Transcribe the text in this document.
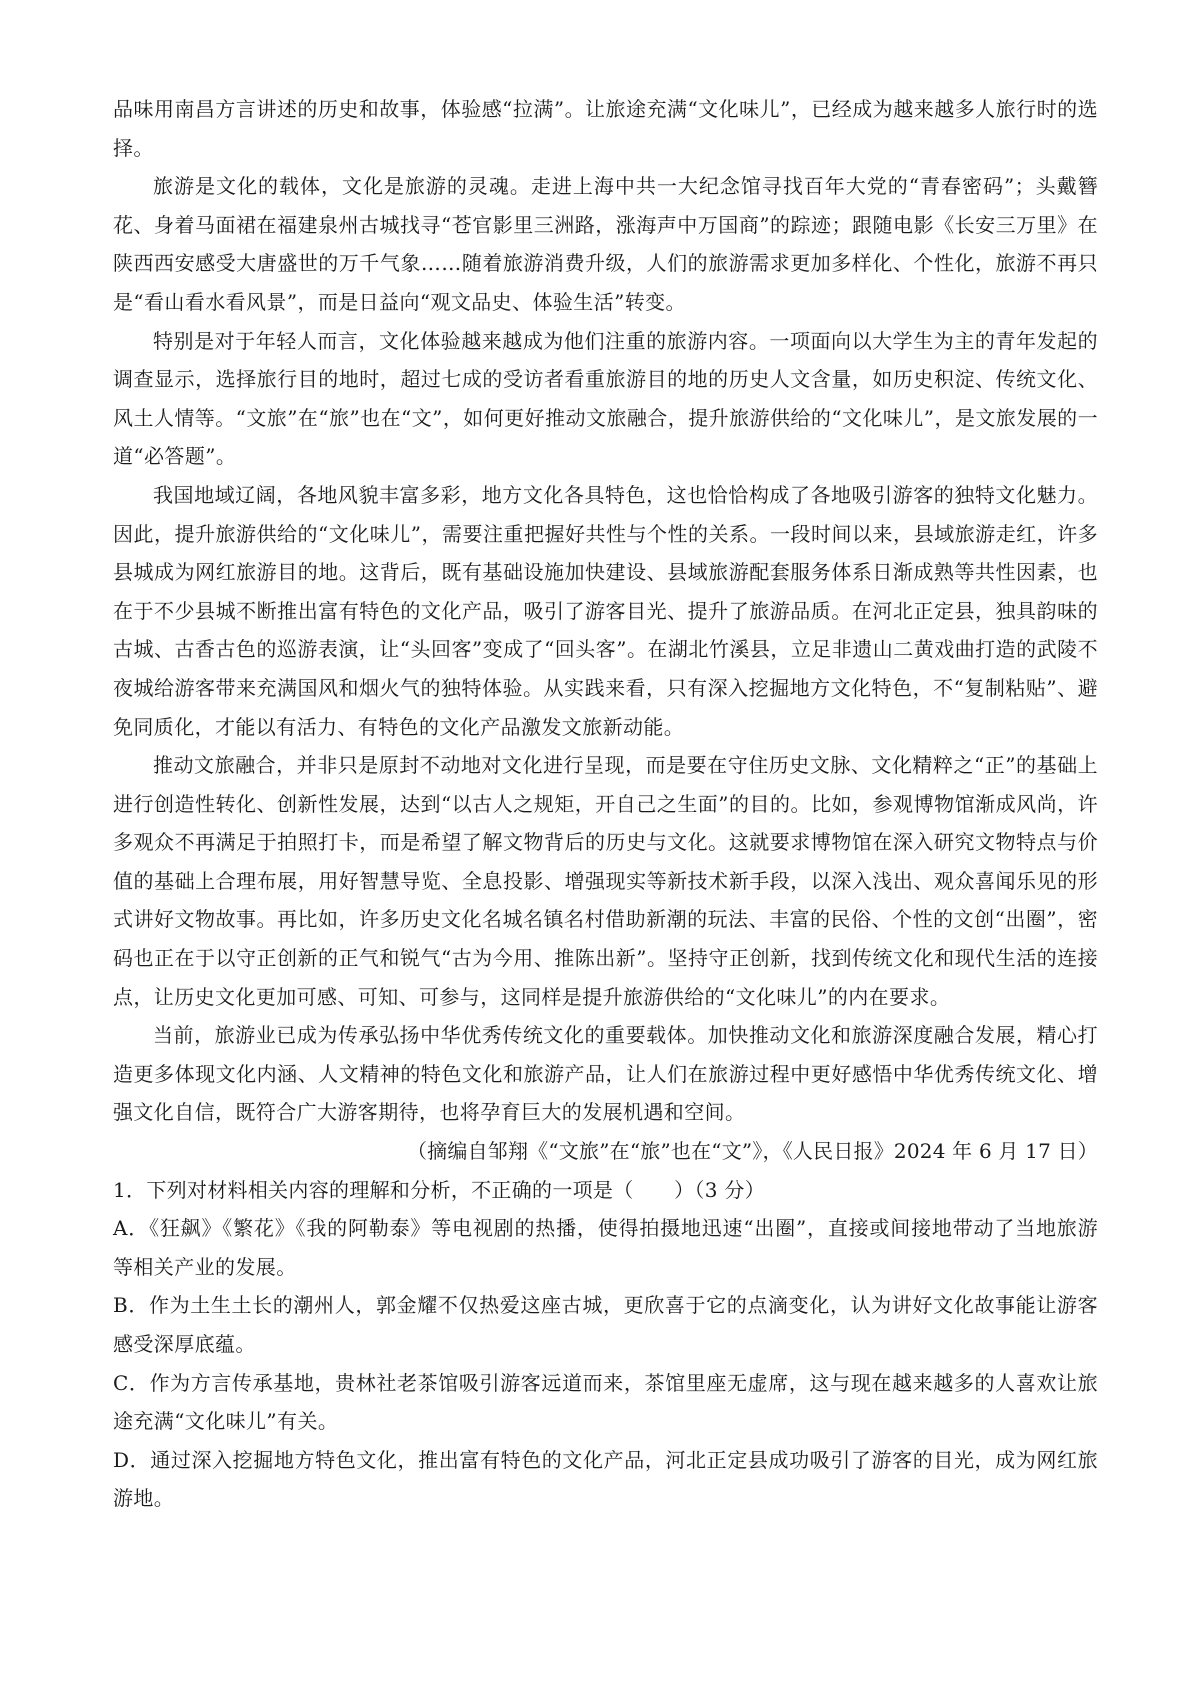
品味用南昌方言讲述的历史和故事，体验感“拉满”。让旅途充满“文化味儿”，已经成为越来越多人旅行时的选择。

旅游是文化的载体，文化是旅游的灵魂。走进上海中共一大纪念馆寻找百年大党的“青春密码”；头戴簪花、身着马面裙在福建泉州古城找寻“苍官影里三洲路，涨海声中万国商”的踪迹；跟随电影《长安三万里》在陕西西安感受大唐盛世的万千气象……随着旅游消费升级，人们的旅游需求更加多样化、个性化，旅游不再只是“看山看水看风景”，而是日益向“观文品史、体验生活”转变。

特别是对于年轻人而言，文化体验越来越成为他们注重的旅游内容。一项面向以大学生为主的青年发起的调查显示，选择旅行目的地时，超过七成的受访者看重旅游目的地的历史人文含量，如历史积淀、传统文化、风土人情等。“文旅”在“旅”也在“文”，如何更好推动文旅融合，提升旅游供给的“文化味儿”，是文旅发展的一道“必答题”。

我国地域辽阔，各地风貌丰富多彩，地方文化各具特色，这也恰恰构成了各地吸引游客的独特文化魅力。因此，提升旅游供给的“文化味儿”，需要注重把握好共性与个性的关系。一段时间以来，县域旅游走红，许多县城成为网红旅游目的地。这背后，既有基础设施加快建设、县域旅游配套服务体系日渐成熟等共性因素，也在于不少县城不断推出富有特色的文化产品，吸引了游客目光、提升了旅游品质。在河北正定县，独具韵味的古城、古香古色的巡游表演，让“头回客”变成了“回头客”。在湖北竹溪县，立足非遗山二黄戏曲打造的武陵不夜城给游客带来充满国风和烟火气的独特体验。从实践来看，只有深入挖掘地方文化特色，不“复制粘贴”、避免同质化，才能以有活力、有特色的文化产品激发文旅新动能。

推动文旅融合，并非只是原封不动地对文化进行呈现，而是要在守住历史文脉、文化精粹之“正”的基础上进行创造性转化、创新性发展，达到“以古人之规矩，开自己之生面”的目的。比如，参观博物馆渐成风尚，许多观众不再满足于拍照打卡，而是希望了解文物背后的历史与文化。这就要求博物馆在深入研究文物特点与价值的基础上合理布展，用好智慧导览、全息投影、增强现实等新技术新手段，以深入浅出、观众喜闻乐见的形式讲好文物故事。再比如，许多历史文化名城名镇名村借助新潮的玩法、丰富的民俗、个性的文创“出圈”，密码也正在于以守正创新的正气和锐气“古为今用、推陈出新”。坚持守正创新，找到传统文化和现代生活的连接点，让历史文化更加可感、可知、可参与，这同样是提升旅游供给的“文化味儿”的内在要求。

当前，旅游业已成为传承弘扬中华优秀传统文化的重要载体。加快推动文化和旅游深度融合发展，精心打造更多体现文化内涵、人文精神的特色文化和旅游产品，让人们在旅游过程中更好感悟中华优秀传统文化、增强文化自信，既符合广大游客期待，也将孕育巨大的发展机遇和空间。

（摘编自邹翔《“文旅”在“旅”也在“文”》，《人民日报》2024 年 6 月 17 日）

1．下列对材料相关内容的理解和分析，不正确的一项是（　　）（3 分）

A．《狂飙》《繁花》《我的阿勒泰》等电视剧的热播，使得拍摄地迅速“出圈”，直接或间接地带动了当地旅游等相关产业的发展。

B．作为土生土长的潮州人，郭金耀不仅热爱这座古城，更欣喜于它的点滴变化，认为讲好文化故事能让游客感受深厚底蕴。

C．作为方言传承基地，贵林社老茶馆吸引游客远道而来，茶馆里座无虚席，这与现在越来越多的人喜欢让旅途充满“文化味儿”有关。

D．通过深入挖掘地方特色文化，推出富有特色的文化产品，河北正定县成功吸引了游客的目光，成为网红旅游地。
